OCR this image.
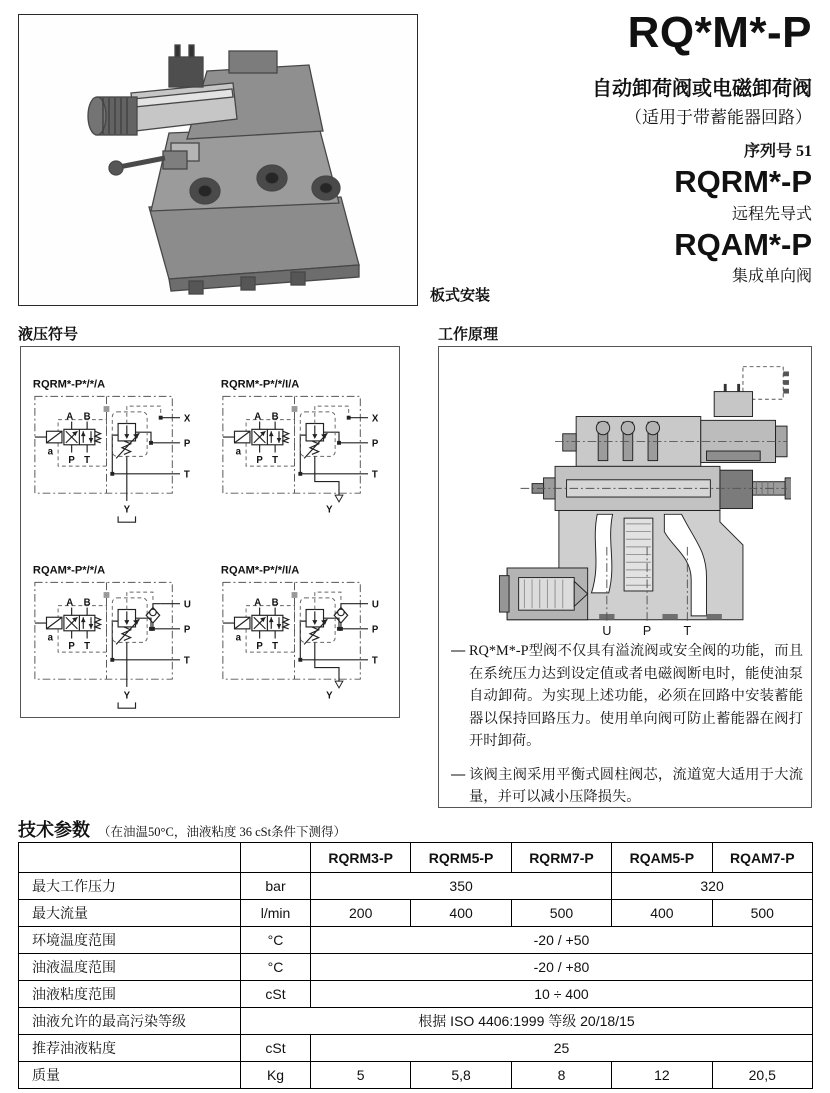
RQ*M*-P
自动卸荷阀或电磁卸荷阀
（适用于带蓄能器回路）
序列号 51
RQRM*-P
远程先导式
RQAM*-P
集成单向阀
板式安装
液压符号
RQRM*-P*/*/A
Y
A B
a
P T
X
P
T
RQRM*-P*/*/I/A
Y
A B
a
P T
X
P
T
RQAM*-P*/*/A
Y
A B
a
P T
U
P
T
RQAM*-P*/*/I/A
Y
A B
a
P T
U
P
T
工作原理
U P T
— RQ*M*-P型阀不仅具有溢流阀或安全阀的功能，而且在系统压力达到设定值或者电磁阀断电时，能使油泵自动卸荷。为实现上述功能，必须在回路中安装蓄能器以保持回路压力。使用单向阀可防止蓄能器在阀打开时卸荷。
— 该阀主阀采用平衡式圆柱阀芯，流道宽大适用于大流量，并可以减小压降损失。
技术参数 （在油温50°C，油液粘度 36 cSt条件下测得）
		RQRM3-P	RQRM5-P	RQRM7-P	RQAM5-P	RQAM7-P
最大工作压力	bar	350			320	
最大流量	l/min	200	400	500	400	500
环境温度范围	°C	-20 / +50				
油液温度范围	°C	-20 / +80				
油液粘度范围	cSt	10 ÷ 400				
油液允许的最高污染等级	根据 ISO 4406:1999 等级 20/18/15					
推荐油液粘度	cSt	25				
质量	Kg	5	5,8	8	12	20,5
